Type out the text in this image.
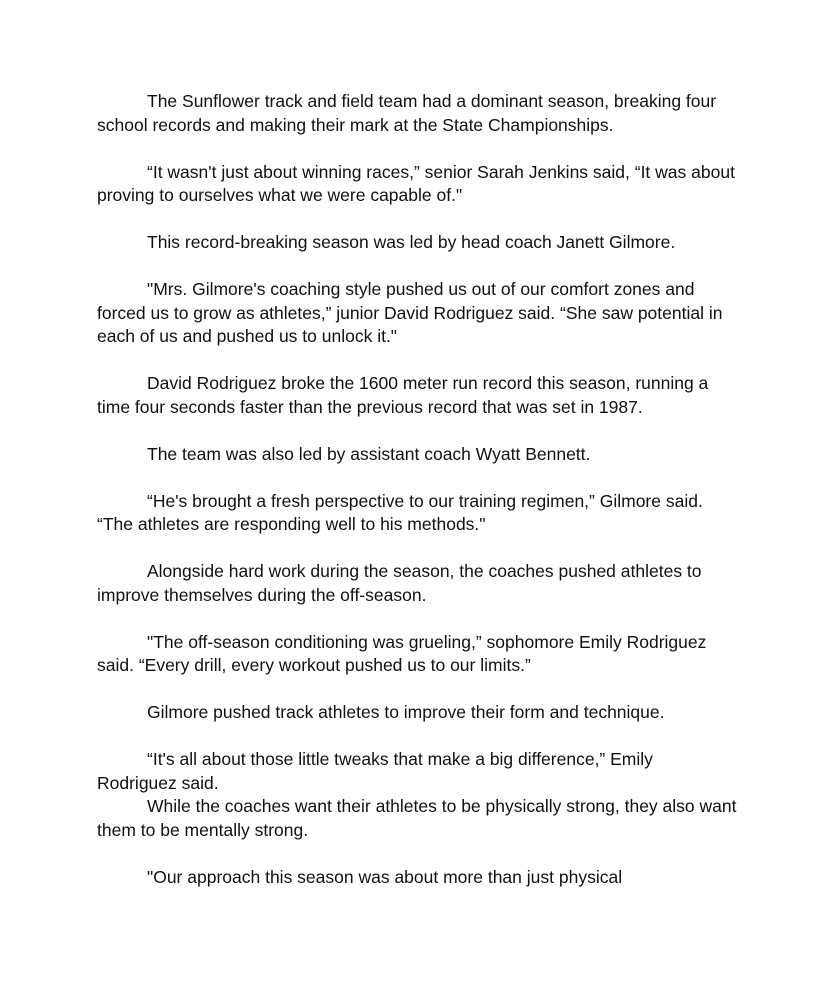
The Sunflower track and field team had a dominant season, breaking four school records and making their mark at the State Championships.

“It wasn't just about winning races,” senior Sarah Jenkins said, “It was about proving to ourselves what we were capable of."

This record-breaking season was led by head coach Janett Gilmore.

"Mrs. Gilmore's coaching style pushed us out of our comfort zones and forced us to grow as athletes,” junior David Rodriguez said. “She saw potential in each of us and pushed us to unlock it."

David Rodriguez broke the 1600 meter run record this season, running a time four seconds faster than the previous record that was set in 1987.

The team was also led by assistant coach Wyatt Bennett.

“He's brought a fresh perspective to our training regimen,” Gilmore said. “The athletes are responding well to his methods."

Alongside hard work during the season, the coaches pushed athletes to improve themselves during the off-season.

"The off-season conditioning was grueling,” sophomore Emily Rodriguez said. “Every drill, every workout pushed us to our limits.”

Gilmore pushed track athletes to improve their form and technique.

“It's all about those little tweaks that make a big difference,” Emily Rodriguez said.

While the coaches want their athletes to be physically strong, they also want them to be mentally strong.

"Our approach this season was about more than just physical
